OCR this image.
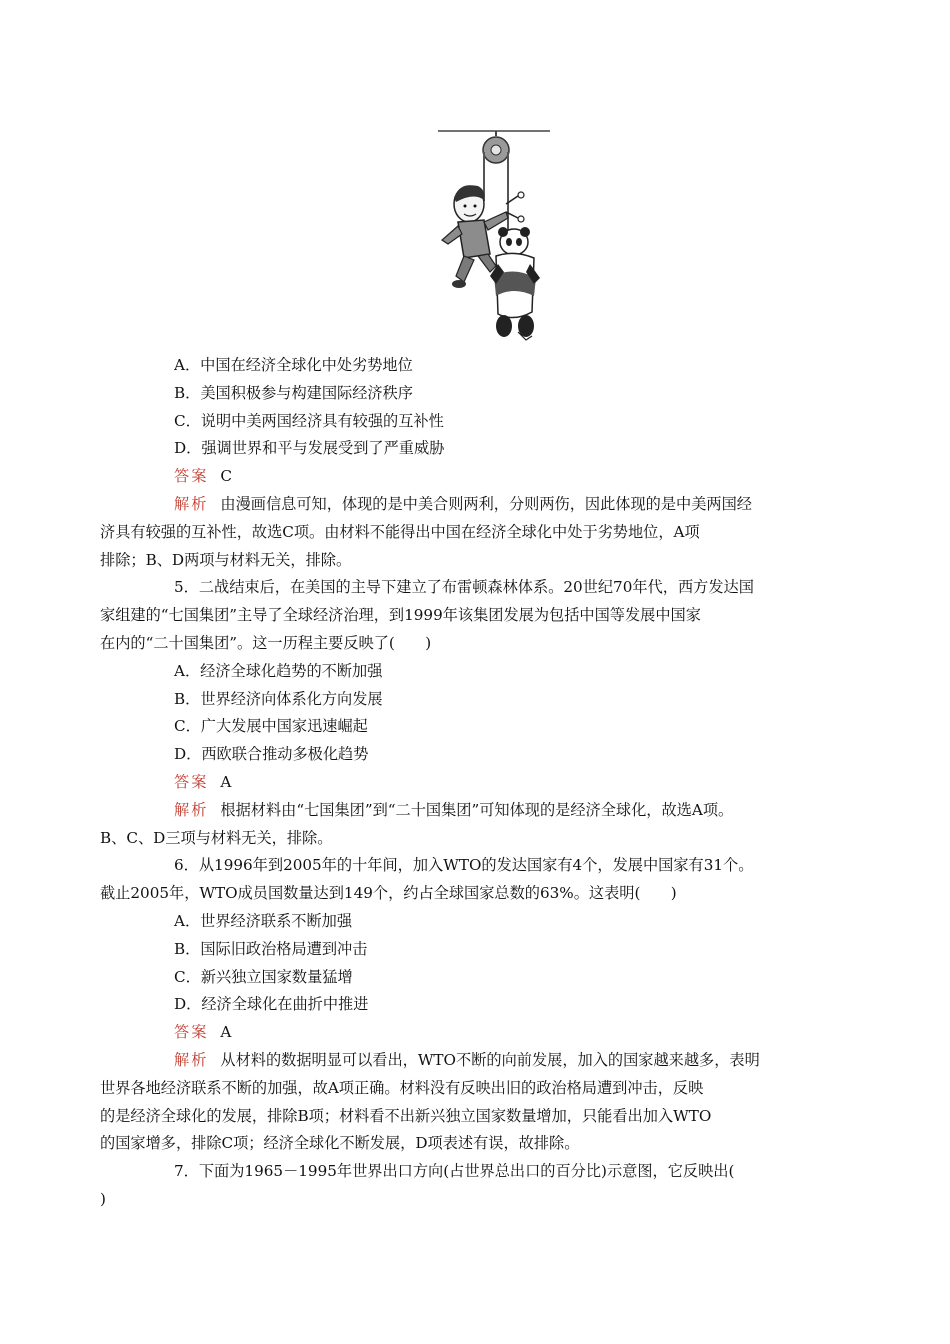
A．中国在经济全球化中处劣势地位
B．美国积极参与构建国际经济秩序
C．说明中美两国经济具有较强的互补性
D．强调世界和平与发展受到了严重威胁
答案 C
解析 由漫画信息可知，体现的是中美合则两利，分则两伤，因此体现的是中美两国经
济具有较强的互补性，故选C项。由材料不能得出中国在经济全球化中处于劣势地位，A项
排除；B、D两项与材料无关，排除。
5．二战结束后，在美国的主导下建立了布雷顿森林体系。20世纪70年代，西方发达国
家组建的“七国集团”主导了全球经济治理，到1999年该集团发展为包括中国等发展中国家
在内的“二十国集团”。这一历程主要反映了(　　)
A．经济全球化趋势的不断加强
B．世界经济向体系化方向发展
C．广大发展中国家迅速崛起
D．西欧联合推动多极化趋势
答案 A
解析 根据材料由“七国集团”到“二十国集团”可知体现的是经济全球化，故选A项。
B、C、D三项与材料无关，排除。
6．从1996年到2005年的十年间，加入WTO的发达国家有4个，发展中国家有31个。
截止2005年，WTO成员国数量达到149个，约占全球国家总数的63%。这表明(　　)
A．世界经济联系不断加强
B．国际旧政治格局遭到冲击
C．新兴独立国家数量猛增
D．经济全球化在曲折中推进
答案 A
解析 从材料的数据明显可以看出，WTO不断的向前发展，加入的国家越来越多，表明
世界各地经济联系不断的加强，故A项正确。材料没有反映出旧的政治格局遭到冲击，反映
的是经济全球化的发展，排除B项；材料看不出新兴独立国家数量增加，只能看出加入WTO
的国家增多，排除C项；经济全球化不断发展，D项表述有误，故排除。
7．下面为1965－1995年世界出口方向(占世界总出口的百分比)示意图，它反映出(
)
